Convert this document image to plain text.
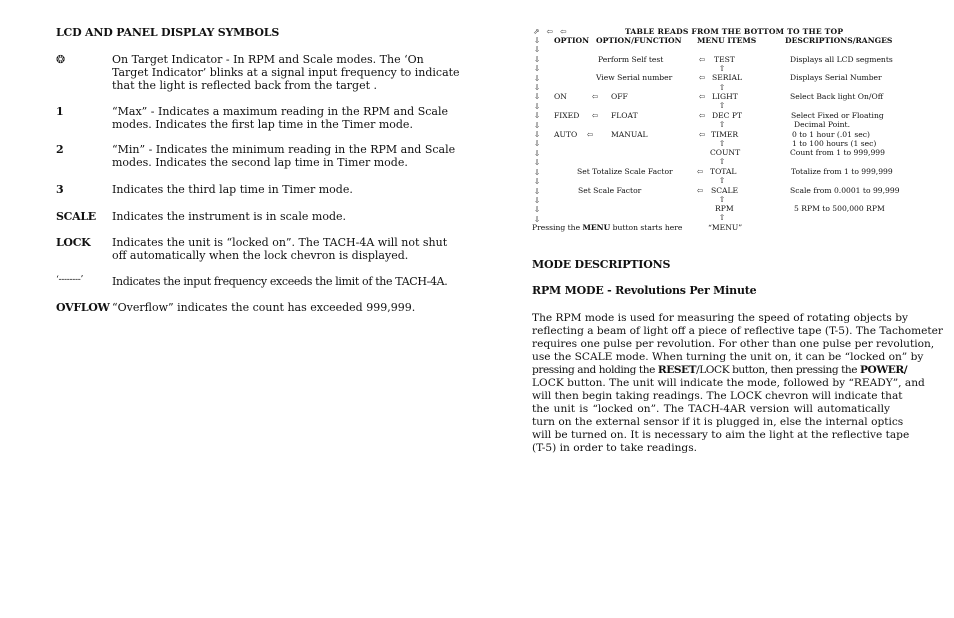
LCD AND PANEL DISPLAY SYMBOLS
❂	On Target Indicator - In RPM and Scale modes. The ‘On
Target Indicator’ blinks at a signal input frequency to indicate
that the light is reflected back from the target .
1	“Max” - Indicates a maximum reading in the RPM and Scale
modes. Indicates the first lap time in the Timer mode.
2	“Min” - Indicates the minimum reading in the RPM and Scale
modes. Indicates the second lap time in Timer mode.
3	Indicates the third lap time in Timer mode.
SCALE Indicates the instrument is in scale mode.
LOCK Indicates the unit is “locked on”. The TACH-4A will not shut
off automatically when the lock chevron is displayed.
‘--------’	Indicates the input frequency exceeds the limit of the TACH-4A.
OVFLOW “Overflow” indicates the count has exceeded 999,999.
⇗   ⇦   ⇦	TABLE READS FROM THE BOTTOM TO THE TOP
OPTION OPTION/FUNCTION MENU ITEMS	DESCRIPTIONS/RANGES
⇩
⇩
⇩
⇩
⇩
⇩
⇩
⇩
⇩
⇩
⇩
⇩
⇩
⇩
⇩
⇩
⇩
⇩
⇩
⇩
Perform Self test	⇦ TEST	Displays all LCD segments
⇧
View Serial number	⇦ SERIAL	Displays Serial Number
⇧
ON	⇦ OFF	⇦ LIGHT	Select Back light On/Off
⇧
FIXED ⇦ FLOAT	⇦ DEC PT	Select Fixed or Floating
⇧	Decimal Point.
AUTO ⇦ MANUAL	⇦ TIMER	0 to 1 hour (.01 sec)
⇧	1 to 100 hours (1 sec)
COUNT	Count from 1 to 999,999
⇧
Set Totalize Scale Factor	⇦ TOTAL	Totalize from 1 to 999,999
⇧
Set Scale Factor	⇦ SCALE	Scale from 0.0001 to 99,999
⇧
RPM	5 RPM to 500,000 RPM
⇧
Pressing the MENU button starts here	“MENU”
MODE DESCRIPTIONS
RPM MODE - Revolutions Per Minute
The RPM mode is used for measuring the speed of rotating objects by
reflecting a beam of light off a piece of reflective tape (T-5). The Tachometer
requires one pulse per revolution. For other than one pulse per revolution,
use the SCALE mode. When turning the unit on, it can be “locked on” by
pressing and holding the RESET/LOCK button, then pressing the POWER/
LOCK button. The unit will indicate the mode, followed by “READY”, and
will then begin taking readings. The LOCK chevron will indicate that
the unit is “locked on”. The TACH-4AR version will automatically
turn on the external sensor if it is plugged in, else the internal optics
will be turned on. It is necessary to aim the light at the reflective tape
(T-5) in order to take readings.
